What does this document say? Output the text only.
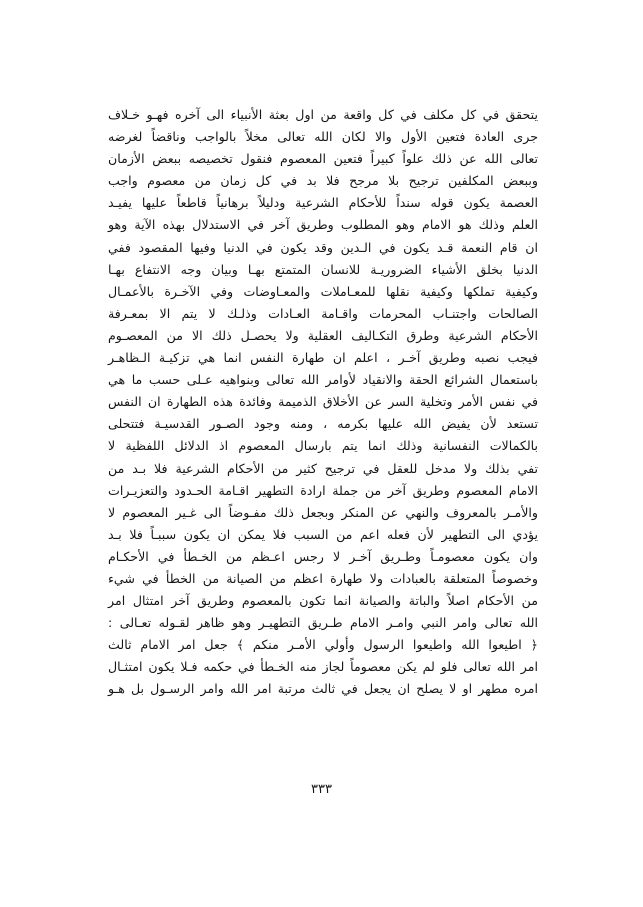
يتحقق في كل مكلف في كل واقعة من اول بعثة الأنبياء الى آخره فهـو خـلاف
جرى العادة فتعين الأول والا لكان الله تعالى مخلاً بالواجب وناقضاً لغرضه
تعالى الله عن ذلك علواً كبيراً فتعين المعصوم فنقول تخصيصه ببعض الأزمان
وببعض المكلفين ترجيح بلا مرجح فلا بد في كل زمان من معصوم واجب
العصمة يكون قوله سنداً للأحكام الشرعية ودليلاً برهانياً قاطعاً عليها يفيـد
العلم وذلك هو الامام وهو المطلوب وطريق آخر في الاستدلال بهذه الآية وهو
ان قام النعمة قـد يكون في الـدين وقد يكون في الدنيا وفيها المقصود ففي
الدنيا بخلق الأشياء الضروريـة للانسان المتمتع بهـا وبيان وجه الانتفاع بهـا
وكيفية تملكها وكيفية نقلها للمعـاملات والمعـاوضات وفي الآخـرة بالأعمـال
الصالحات واجتنـاب المحرمات واقـامة العـادات وذلـك لا يتم الا بمعـرفة
الأحكام الشرعية وطرق التكـاليف العقلية ولا يحصـل ذلك الا من المعصـوم
فيجب نصبه وطريق آخـر ، اعلم ان طهارة النفس انما هي تزكيـة الـظاهـر
باستعمال الشرائع الحقة والانقياد لأوامر الله تعالى وبنواهيه عـلى حسب ما هي
في نفس الأمر وتخلية السر عن الأخلاق الذميمة وفائدة هذه الطهارة ان النفس
تستعد لأن يفيض الله عليها بكرمه ، ومنه وجود الصـور القدسيـة فتتحلى
بالكمالات النفسانية وذلك انما يتم بارسال المعصوم اذ الدلائل اللفظية لا
تفي بذلك ولا مدخل للعقل في ترجيح كثير من الأحكام الشرعية فلا بـد من
الامام المعصوم وطريق آخر من جملة ارادة التطهير اقـامة الحـدود والتعزيـرات
والأمـر بالمعروف والنهي عن المنكر وبجعل ذلك مفـوضاً الى غـير المعصوم لا
يؤدي الى التطهير لأن فعله اعم من السبب فلا يمكن ان يكون سببـاً فلا بـد
وان يكون معصومـاً وطـريق آخـر لا رجس اعـظم من الخـطأ في الأحكـام
وخصوصاً المتعلقة بالعبادات ولا طهارة اعظم من الصيانة من الخطأ في شيء
من الأحكام اصلاً والباتة والصيانة انما تكون بالمعصوم وطريق آخر امتثال امر
الله تعالى وامر النبي وامـر الامام طـريق التطهيـر وهو ظاهر لقـوله تعـالى :
﴿ اطيعوا الله واطيعوا الرسول وأولي الأمـر منكم ﴾ جعل امر الامام ثالث
امر الله تعالى فلو لم يكن معصوماً لجاز منه الخـطأ في حكمه فـلا يكون امتثـال
امره مطهر او لا يصلح ان يجعل في ثالث مرتبة امر الله وامر الرسـول بل هـو

٣٣٣
